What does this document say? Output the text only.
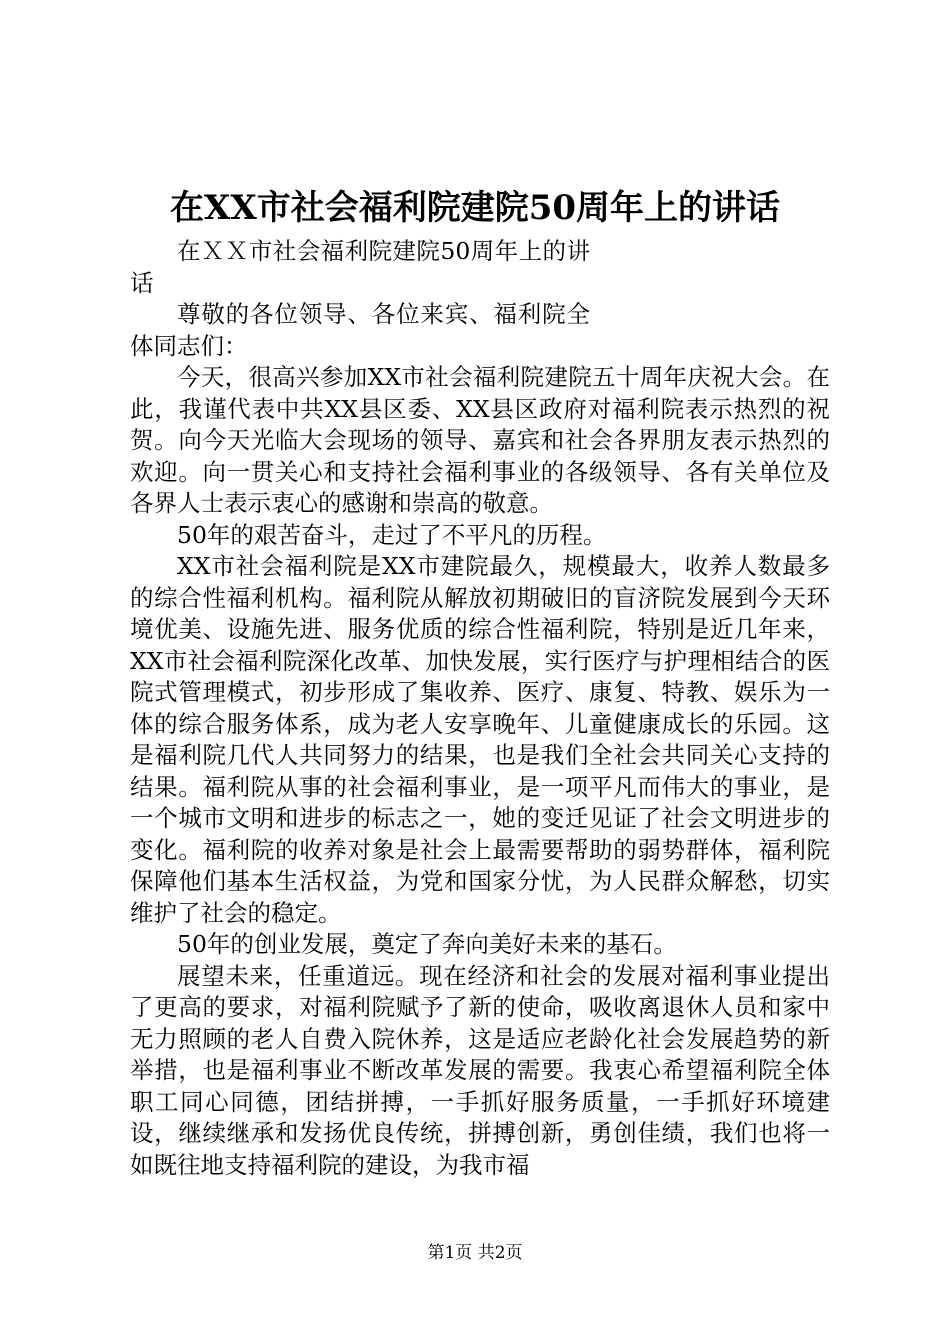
在XX市社会福利院建院50周年上的讲话

在ＸＸ市社会福利院建院50周年上的讲话

尊敬的各位领导、各位来宾、福利院全体同志们：

今天，很高兴参加XX市社会福利院建院五十周年庆祝大会。在此，我谨代表中共XX县区委、XX县区政府对福利院表示热烈的祝贺。向今天光临大会现场的领导、嘉宾和社会各界朋友表示热烈的欢迎。向一贯关心和支持社会福利事业的各级领导、各有关单位及各界人士表示衷心的感谢和崇高的敬意。

50年的艰苦奋斗，走过了不平凡的历程。

XX市社会福利院是XX市建院最久，规模最大，收养人数最多的综合性福利机构。福利院从解放初期破旧的盲济院发展到今天环境优美、设施先进、服务优质的综合性福利院，特别是近几年来，XX市社会福利院深化改革、加快发展，实行医疗与护理相结合的医院式管理模式，初步形成了集收养、医疗、康复、特教、娱乐为一体的综合服务体系，成为老人安享晚年、儿童健康成长的乐园。这是福利院几代人共同努力的结果，也是我们全社会共同关心支持的结果。福利院从事的社会福利事业，是一项平凡而伟大的事业，是一个城市文明和进步的标志之一，她的变迁见证了社会文明进步的变化。福利院的收养对象是社会上最需要帮助的弱势群体，福利院保障他们基本生活权益，为党和国家分忧，为人民群众解愁，切实维护了社会的稳定。

50年的创业发展，奠定了奔向美好未来的基石。

展望未来，任重道远。现在经济和社会的发展对福利事业提出了更高的要求，对福利院赋予了新的使命，吸收离退休人员和家中无力照顾的老人自费入院休养，这是适应老龄化社会发展趋势的新举措，也是福利事业不断改革发展的需要。我衷心希望福利院全体职工同心同德，团结拼搏，一手抓好服务质量，一手抓好环境建设，继续继承和发扬优良传统，拼搏创新，勇创佳绩，我们也将一如既往地支持福利院的建设，为我市福

第1页 共2页
